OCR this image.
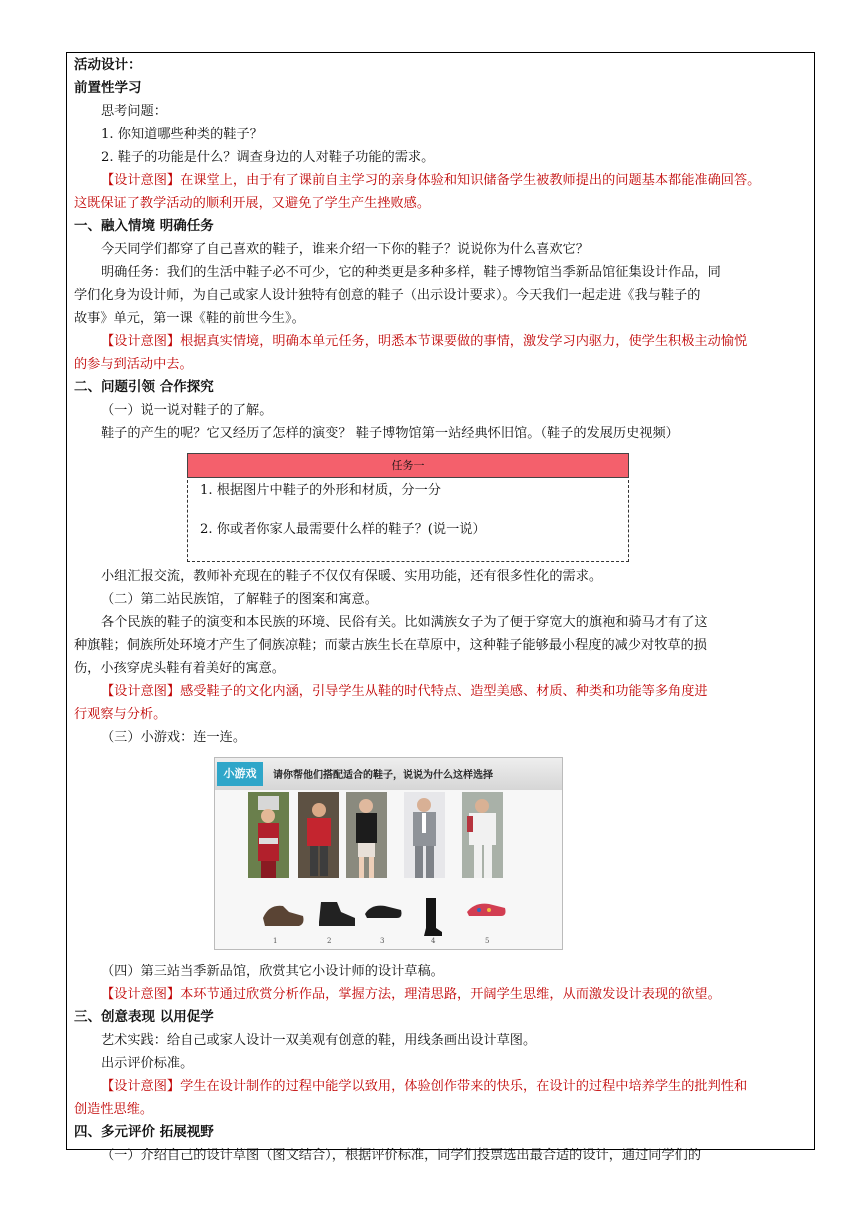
活动设计：
前置性学习
思考问题：
1. 你知道哪些种类的鞋子？
2. 鞋子的功能是什么？调查身边的人对鞋子功能的需求。
【设计意图】在课堂上，由于有了课前自主学习的亲身体验和知识储备学生被教师提出的问题基本都能准确回答。
这既保证了教学活动的顺利开展，又避免了学生产生挫败感。
一、融入情境 明确任务
今天同学们都穿了自己喜欢的鞋子，谁来介绍一下你的鞋子？说说你为什么喜欢它？
明确任务：我们的生活中鞋子必不可少，它的种类更是多种多样，鞋子博物馆当季新品馆征集设计作品，同
学们化身为设计师，为自己或家人设计独特有创意的鞋子（出示设计要求）。今天我们一起走进《我与鞋子的
故事》单元，第一课《鞋的前世今生》。
【设计意图】根据真实情境，明确本单元任务，明悉本节课要做的事情，激发学习内驱力，使学生积极主动愉悦
的参与到活动中去。
二、问题引领 合作探究
（一）说一说对鞋子的了解。
鞋子的产生的呢？它又经历了怎样的演变？ 鞋子博物馆第一站经典怀旧馆。（鞋子的发展历史视频）
任务一
1. 根据图片中鞋子的外形和材质，分一分
2. 你或者你家人最需要什么样的鞋子？(说一说）
小组汇报交流，教师补充现在的鞋子不仅仅有保暖、实用功能，还有很多性化的需求。
（二）第二站民族馆，了解鞋子的图案和寓意。
各个民族的鞋子的演变和本民族的环境、民俗有关。比如满族女子为了便于穿宽大的旗袍和骑马才有了这
种旗鞋；侗族所处环境才产生了侗族凉鞋；而蒙古族生长在草原中，这种鞋子能够最小程度的减少对牧草的损
伤，小孩穿虎头鞋有着美好的寓意。
【设计意图】感受鞋子的文化内涵，引导学生从鞋的时代特点、造型美感、材质、种类和功能等多角度进
行观察与分析。
（三）小游戏：连一连。
小游戏	请你帮他们搭配适合的鞋子，说说为什么这样选择
1	2	3	4	5
（四）第三站当季新品馆，欣赏其它小设计师的设计草稿。
【设计意图】本环节通过欣赏分析作品，掌握方法，理清思路，开阔学生思维，从而激发设计表现的欲望。
三、创意表现 以用促学
艺术实践：给自己或家人设计一双美观有创意的鞋，用线条画出设计草图。
出示评价标准。
【设计意图】学生在设计制作的过程中能学以致用，体验创作带来的快乐，在设计的过程中培养学生的批判性和
创造性思维。
四、多元评价 拓展视野
（一）介绍自己的设计草图（图文结合），根据评价标准，同学们投票选出最合适的设计，通过同学们的
